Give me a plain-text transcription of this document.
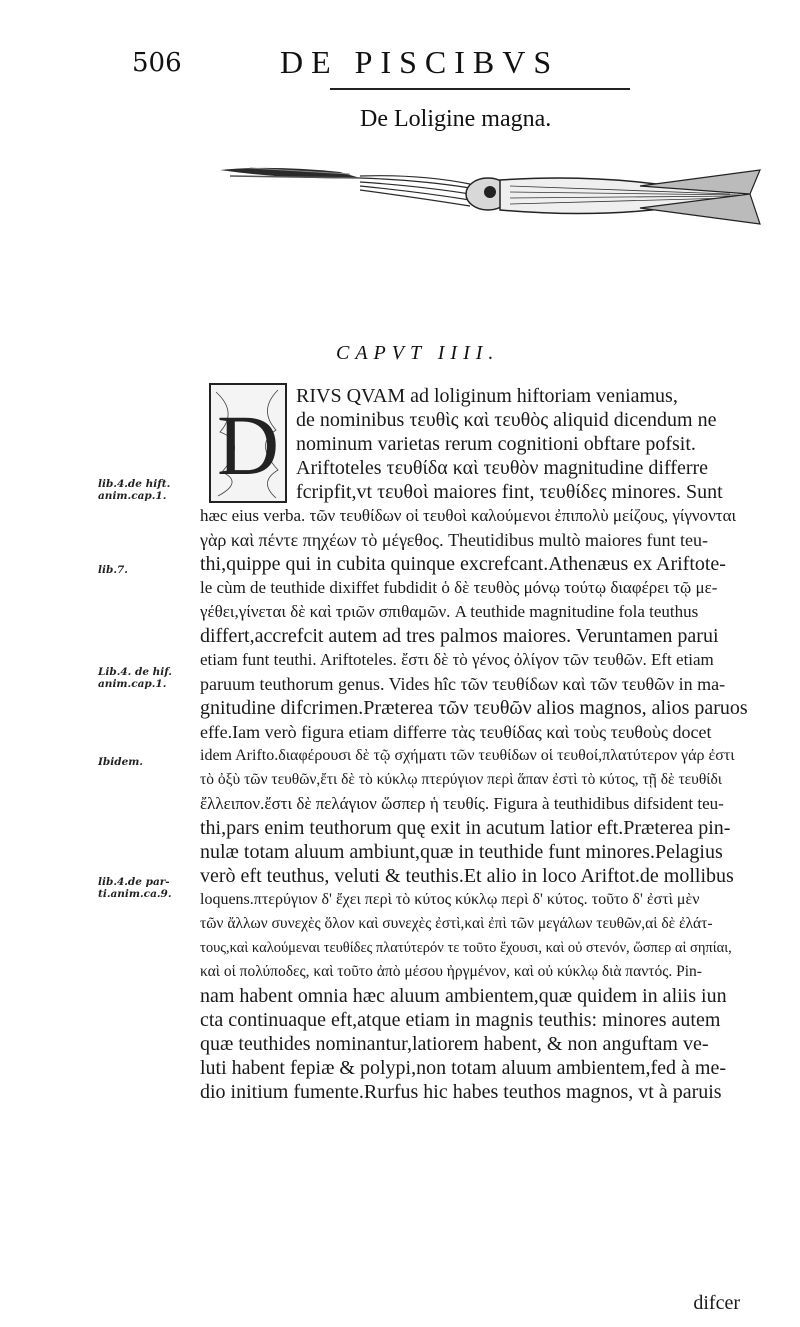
506	DE PISCIBVS
De Loligine magna.
CAPVT IIII.
D
lib.4.de hift.
anim.cap.1.
lib.7.
Lib.4. de hif.
anim.cap.1.
Ibidem.
lib.4.de par-
ti.anim.ca.9.
RIVS QVAM ad loliginum hiftoriam veniamus,
de nominibus τευθὶς καὶ τευθὸς aliquid dicendum ne
nominum varietas rerum cognitioni obftare pofsit.
Ariftoteles τευθίδα καὶ τευθὸν magnitudine differre
fcripfit,vt τευθοὶ maiores fint, τευθίδες minores. Sunt
hæc eius verba. τῶν τευθίδων οἱ τευθοὶ καλούμενοι ἐπιπολὺ μείζους, γίγνονται
γὰρ καὶ πέντε πηχέων τὸ μέγεθος. Theutidibus multò maiores funt teu-
thi,quippe qui in cubita quinque excrefcant.Athenæus ex Ariftote-
le cùm de teuthide dixiffet fubdidit ὁ δὲ τευθὸς μόνῳ τούτῳ διαφέρει τῷ με-
γέθει,γίνεται δὲ καὶ τριῶν σπιθαμῶν. A teuthide magnitudine fola teuthus
differt,accrefcit autem ad tres palmos maiores. Veruntamen parui
etiam funt teuthi. Ariftoteles. ἔστι δὲ τὸ γένος ὀλίγον τῶν τευθῶν. Eft etiam
paruum teuthorum genus. Vides hîc τῶν τευθίδων καὶ τῶν τευθῶν in ma-
gnitudine difcrimen.Præterea τῶν τευθῶν alios magnos, alios paruos
effe.Iam verò figura etiam differre τὰς τευθίδας καὶ τοὺς τευθοὺς docet
idem Ariftο.διαφέρουσι δὲ τῷ σχήματι τῶν τευθίδων οἱ τευθοί,πλατύτερον γάρ ἐστι
τὸ ὀξὺ τῶν τευθῶν,ἔτι δὲ τὸ κύκλῳ πτερύγιον περὶ ἅπαν ἐστὶ τὸ κύτος, τῇ δὲ τευθίδι
ἔλλειπον.ἔστι δὲ πελάγιον ὥσπερ ἡ τευθίς. Figura à teuthidibus difsident teu-
thi,pars enim teuthorum quę exit in acutum latior eft.Præterea pin-
nulæ totam aluum ambiunt,quæ in teuthide funt minores.Pelagius
verò eft teuthus, veluti & teuthis.Et alio in loco Ariftot.de mollibus
loquens.πτερύγιον δ' ἔχει περὶ τὸ κύτος κύκλῳ περὶ δ' κύτος. τοῦτο δ' ἐστὶ μὲν
τῶν ἄλλων συνεχὲς ὅλον καὶ συνεχὲς ἐστὶ,καὶ ἐπὶ τῶν μεγάλων τευθῶν,αἱ δὲ ἐλάτ-
τους,καὶ καλούμεναι τευθίδες πλατύτερόν τε τοῦτο ἔχουσι, καὶ οὐ στενόν, ὥσπερ αἱ σηπίαι,
καὶ οἱ πολύποδες, καὶ τοῦτο ἀπὸ μέσου ἠργμένον, καὶ οὐ κύκλῳ διὰ παντός. Pin-
nam habent omnia hæc aluum ambientem,quæ quidem in aliis iun
cta continuaque eft,atque etiam in magnis teuthis: minores autem
quæ teuthides nominantur,latiorem habent, & non anguftam ve-
luti habent fepiæ & polypi,non totam aluum ambientem,fed à me-
dio initium fumente.Rurfus hic habes teuthos magnos, vt à paruis
difcer
